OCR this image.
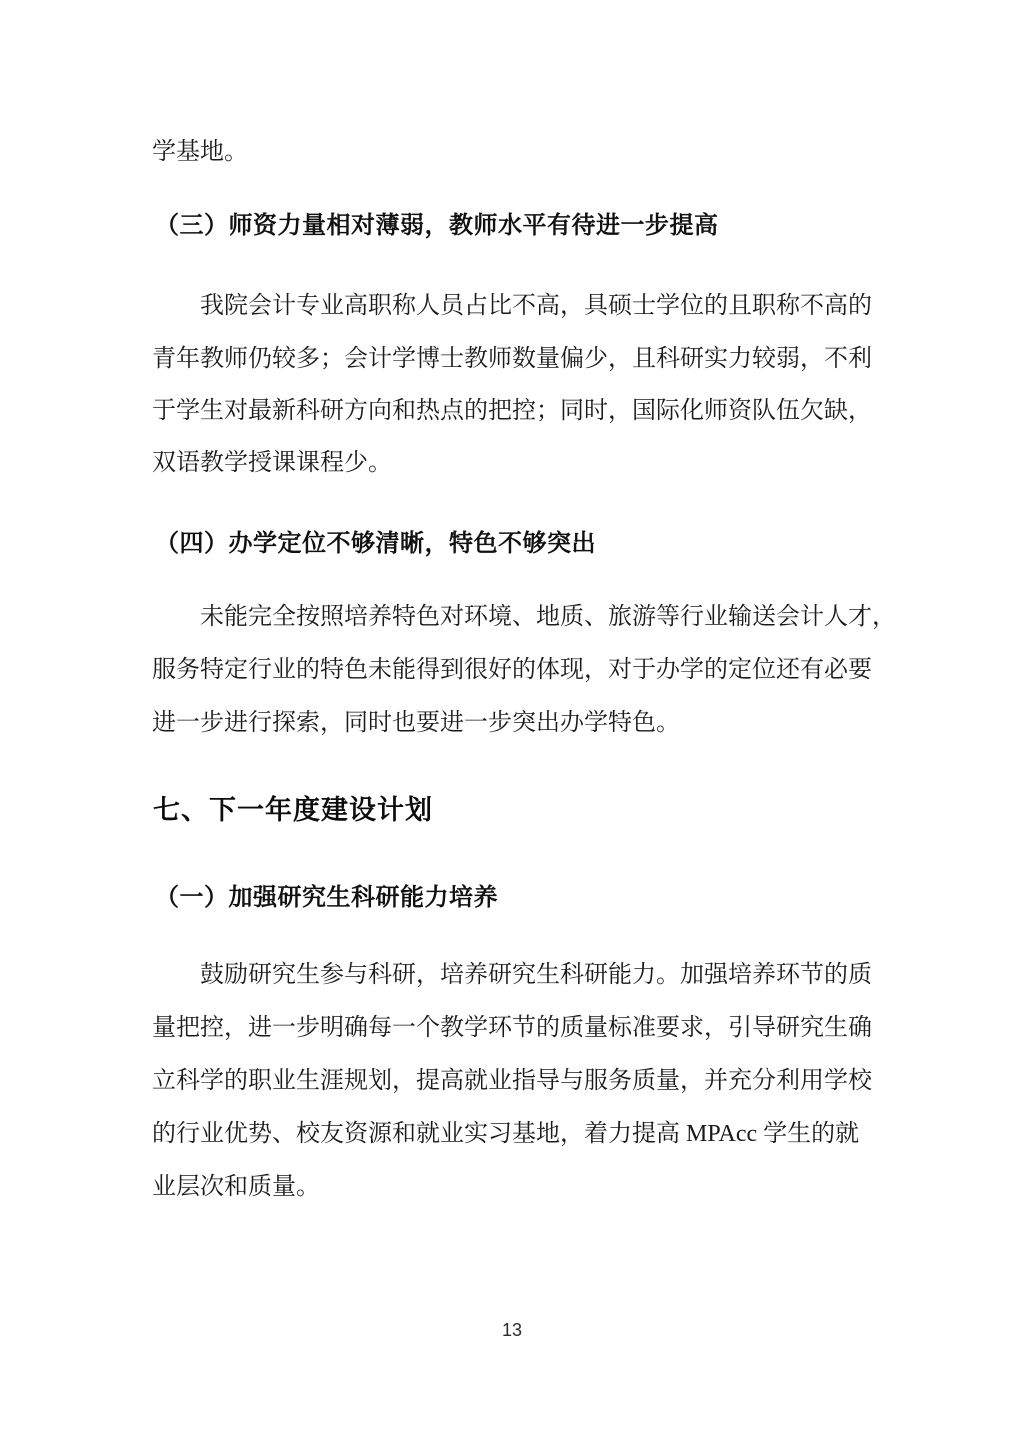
学基地。
（三）师资力量相对薄弱，教师水平有待进一步提高
我院会计专业高职称人员占比不高，具硕士学位的且职称不高的
青年教师仍较多；会计学博士教师数量偏少，且科研实力较弱，不利
于学生对最新科研方向和热点的把控；同时，国际化师资队伍欠缺，
双语教学授课课程少。
（四）办学定位不够清晰，特色不够突出
未能完全按照培养特色对环境、地质、旅游等行业输送会计人才，
服务特定行业的特色未能得到很好的体现，对于办学的定位还有必要
进一步进行探索，同时也要进一步突出办学特色。
七、下一年度建设计划
（一）加强研究生科研能力培养
鼓励研究生参与科研，培养研究生科研能力。加强培养环节的质
量把控，进一步明确每一个教学环节的质量标准要求，引导研究生确
立科学的职业生涯规划，提高就业指导与服务质量，并充分利用学校
的行业优势、校友资源和就业实习基地，着力提高 MPAcc 学生的就
业层次和质量。
13
